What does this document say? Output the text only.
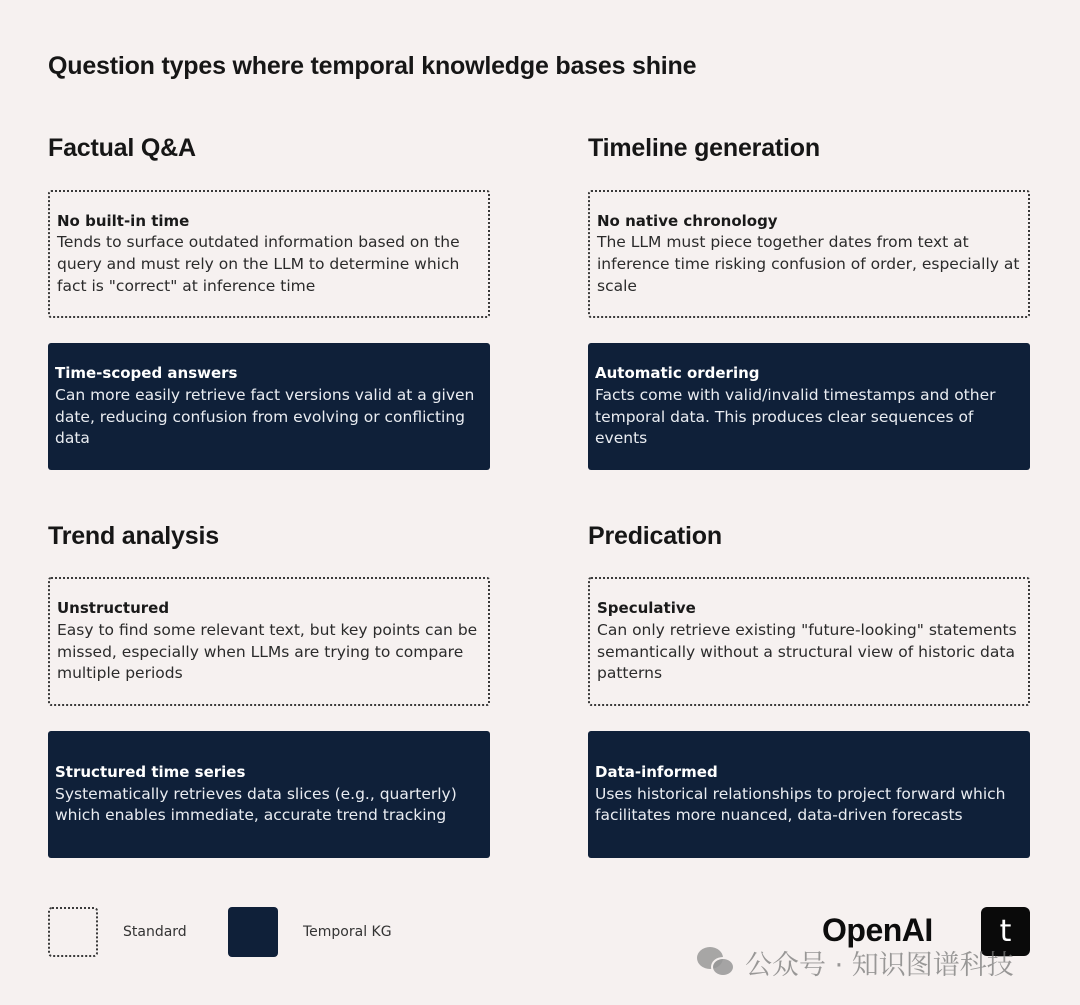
Question types where temporal knowledge bases shine
Factual Q&A
No built-in time
Tends to surface outdated information based on the query and must rely on the LLM to determine which fact is "correct" at inference time
Time-scoped answers
Can more easily retrieve fact versions valid at a given date, reducing confusion from evolving or conflicting data
Timeline generation
No native chronology
The LLM must piece together dates from text at inference time risking confusion of order, especially at scale
Automatic ordering
Facts come with valid/invalid timestamps and other temporal data. This produces clear sequences of events
Trend analysis
Unstructured
Easy to find some relevant text, but key points can be missed, especially when LLMs are trying to compare multiple periods
Structured time series
Systematically retrieves data slices (e.g., quarterly) which enables immediate, accurate trend tracking
Predication
Speculative
Can only retrieve existing "future-looking" statements semantically without a structural view of historic data patterns
Data-informed
Uses historical relationships to project forward which facilitates more nuanced, data-driven forecasts
Standard	Temporal KG	OpenAI	t
公众号 · 知识图谱科技
